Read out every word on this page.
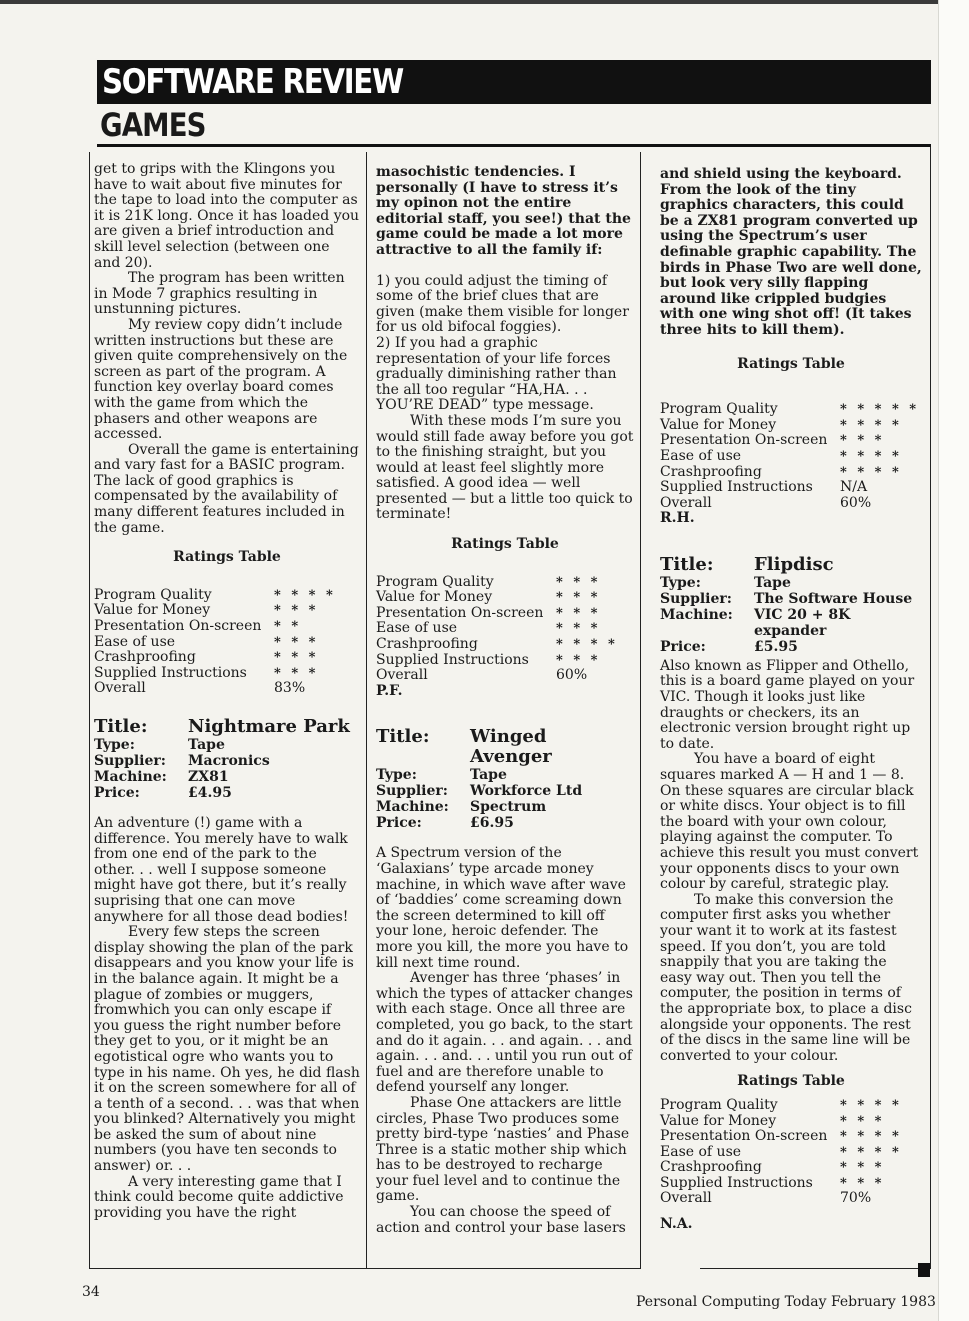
SOFTWARE REVIEW
GAMES

get to grips with the Klingons you have to wait about five minutes for the tape to load into the computer as it is 21K long. Once it has loaded you are given a brief introduction and skill level selection (between one and 20).

The program has been written in Mode 7 graphics resulting in unstunning pictures.

My review copy didn’t include written instructions but these are given quite comprehensively on the screen as part of the program. A function key overlay board comes with the game from which the phasers and other weapons are accessed.

Overall the game is entertaining and vary fast for a BASIC program. The lack of good graphics is compensated by the availability of many different features included in the game.

Ratings Table
Program Quality	* * * *
Value for Money	* * *
Presentation On-screen * *
Ease of use	* * *
Crashproofing	* * *
Supplied Instructions	* * *
Overall	83%
Title:	Nightmare Park
Type:	Tape
Supplier:	Macronics
Machine:	ZX81
Price:	£4.95

An adventure (!) game with a difference. You merely have to walk from one end of the park to the other. . . well I suppose someone might have got there, but it’s really suprising that one can move anywhere for all those dead bodies!

Every few steps the screen display showing the plan of the park disappears and you know your life is in the balance again. It might be a plague of zombies or muggers, fromwhich you can only escape if you guess the right number before they get to you, or it might be an egotistical ogre who wants you to type in his name. Oh yes, he did flash it on the screen somewhere for all of a tenth of a second. . . was that when you blinked? Alternatively you might be asked the sum of about nine numbers (you have ten seconds to answer) or. . .

A very interesting game that I think could become quite addictive providing you have the right

masochistic tendencies. I personally (I have to stress it’s my opinon not the entire editorial staff, you see!) that the game could be made a lot more attractive to all the family if:

1) you could adjust the timing of some of the brief clues that are given (make them visible for longer for us old bifocal foggies).

2) If you had a graphic representation of your life forces gradually diminishing rather than the all too regular “HA,HA. . . YOU’RE DEAD” type message.

With these mods I’m sure you would still fade away before you got to the finishing straight, but you would at least feel slightly more satisfied. A good idea — well presented — but a little too quick to terminate!

Ratings Table
Program Quality	* * *
Value for Money	* * *
Presentation On-screen * * *
Ease of use	* * *
Crashproofing	* * * *
Supplied Instructions	* * *
Overall	60%

P.F.

Title:	Winged Avenger
Type:	Tape
Supplier:	Workforce Ltd
Machine:	Spectrum
Price:	£6.95

A Spectrum version of the ‘Galaxians’ type arcade money machine, in which wave after wave of ‘baddies’ come screaming down the screen determined to kill off your lone, heroic defender. The more you kill, the more you have to kill next time round.

Avenger has three ‘phases’ in which the types of attacker changes with each stage. Once all three are completed, you go back, to the start and do it again. . . and again. . . and again. . . and. . . until you run out of fuel and are therefore unable to defend yourself any longer.

Phase One attackers are little circles, Phase Two produces some pretty bird-type ‘nasties’ and Phase Three is a static mother ship which has to be destroyed to recharge your fuel level and to continue the game.

You can choose the speed of action and control your base lasers

and shield using the keyboard. From the look of the tiny graphics characters, this could be a ZX81 program converted up using the Spectrum’s user definable graphic capability. The birds in Phase Two are well done, but look very silly flapping around like crippled budgies with one wing shot off! (It takes three hits to kill them).

Ratings Table
Program Quality	* * * * *
Value for Money	* * * *
Presentation On-screen * * *
Ease of use	* * * *
Crashproofing	* * * *
Supplied Instructions	N/A
Overall	60%

R.H.

Title:	Flipdisc
Type:	Tape
Supplier:	The Software House
Machine:	VIC 20 + 8K expander
Price:	£5.95

Also known as Flipper and Othello, this is a board game played on your VIC. Though it looks just like draughts or checkers, its an electronic version brought right up to date.

You have a board of eight squares marked A — H and 1 — 8. On these squares are circular black or white discs. Your object is to fill the board with your own colour, playing against the computer. To achieve this result you must convert your opponents discs to your own colour by careful, strategic play.

To make this conversion the computer first asks you whether your want it to work at its fastest speed. If you don’t, you are told snappily that you are taking the easy way out. Then you tell the computer, the position in terms of the appropriate box, to place a disc alongside your opponents. The rest of the discs in the same line will be converted to your colour.

Ratings Table
Program Quality	* * * *
Value for Money	* * *
Presentation On-screen * * * *
Ease of use	* * * *
Crashproofing	* * *
Supplied Instructions	* * *
Overall	70%

N.A.

34
Personal Computing Today February 1983
